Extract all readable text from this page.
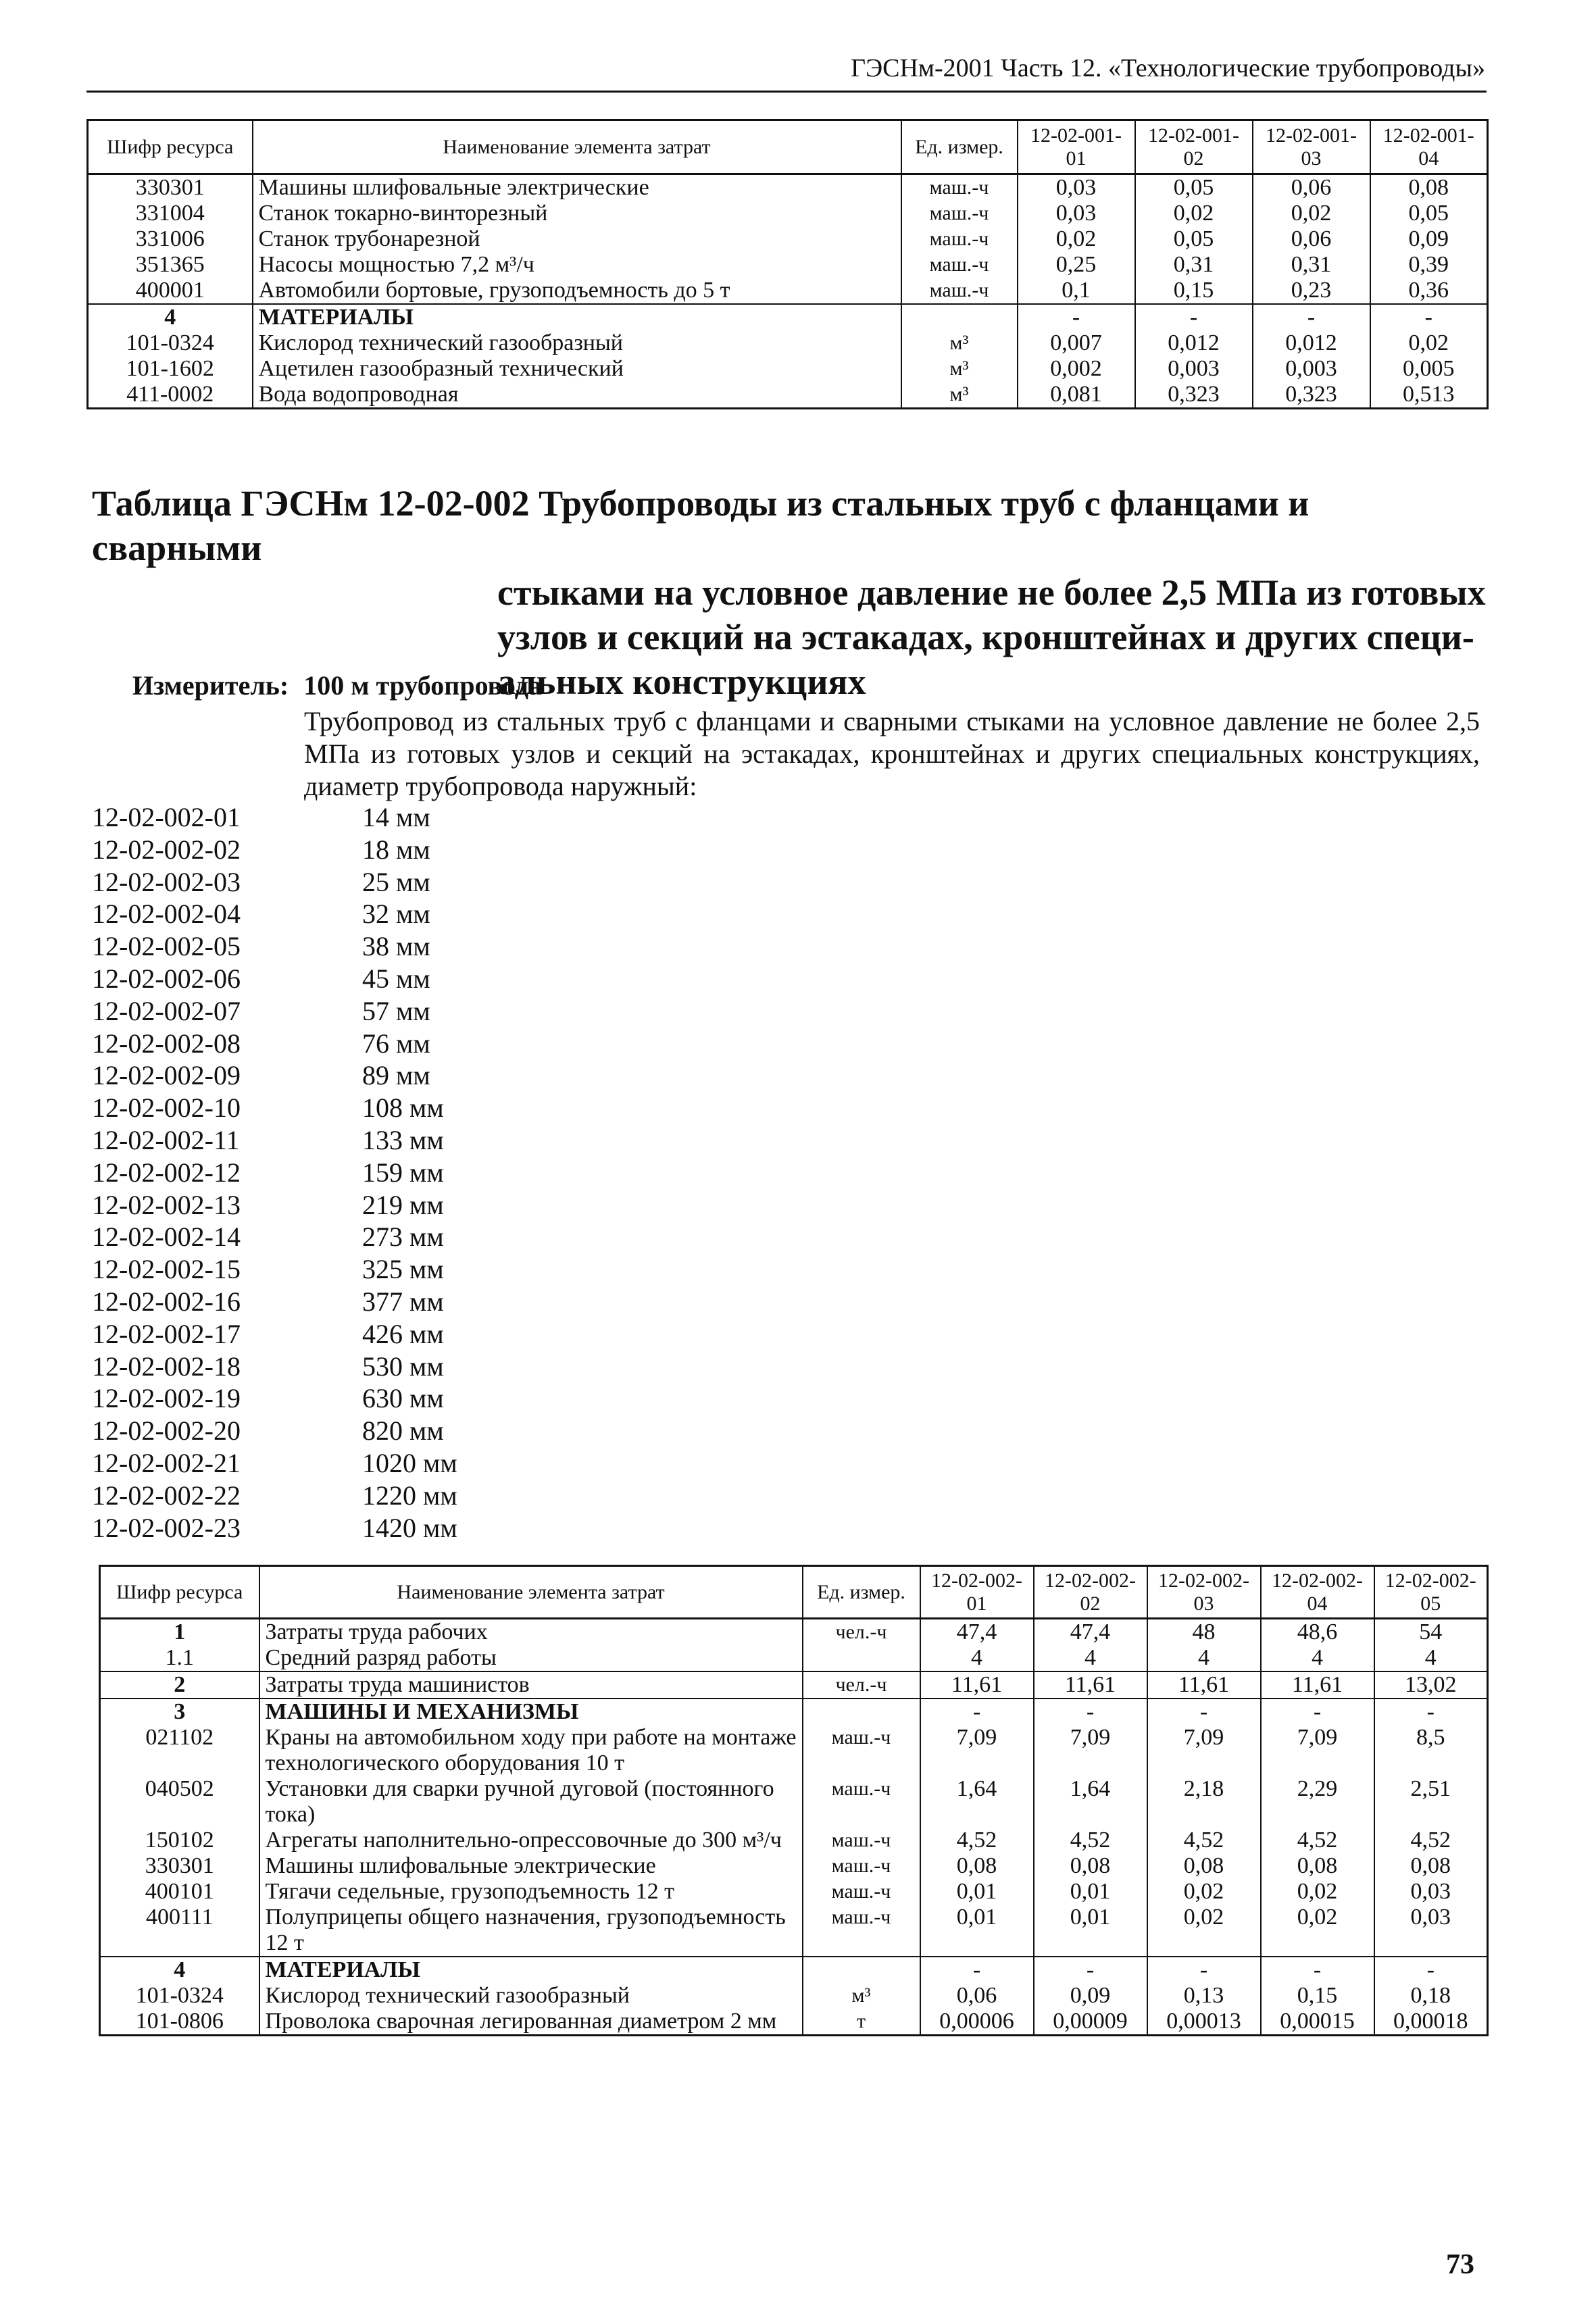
ГЭСНм-2001 Часть 12. «Технологические трубопроводы»
Шифр ресурса	Наименование элемента затрат	Ед. измер.	12-02-001-01	12-02-001-02	12-02-001-03	12-02-001-04
330301	Машины шлифовальные электрические	маш.-ч	0,03	0,05	0,06	0,08
331004	Станок токарно-винторезный	маш.-ч	0,03	0,02	0,02	0,05
331006	Станок трубонарезной	маш.-ч	0,02	0,05	0,06	0,09
351365	Насосы мощностью 7,2 м³/ч	маш.-ч	0,25	0,31	0,31	0,39
400001	Автомобили бортовые, грузоподъемность до 5 т	маш.-ч	0,1	0,15	0,23	0,36
4	МАТЕРИАЛЫ		-	-	-	-
101-0324	Кислород технический газообразный	м³	0,007	0,012	0,012	0,02
101-1602	Ацетилен газообразный технический	м³	0,002	0,003	0,003	0,005
411-0002	Вода водопроводная	м³	0,081	0,323	0,323	0,513
Таблица ГЭСНм 12-02-002 Трубопроводы из стальных труб с фланцами и сварными
стыками на условное давление не более 2,5 МПа из готовых
узлов и секций на эстакадах, кронштейнах и других специ-
альных конструкциях
Измеритель: 100 м трубопровода
Трубопровод из стальных труб с фланцами и сварными стыками на условное давление не более 2,5 МПа из готовых узлов и секций на эстакадах, кронштейнах и других специальных конструкциях, диаметр трубопровода наружный:
12-02-002-01	14 мм
12-02-002-02	18 мм
12-02-002-03	25 мм
12-02-002-04	32 мм
12-02-002-05	38 мм
12-02-002-06	45 мм
12-02-002-07	57 мм
12-02-002-08	76 мм
12-02-002-09	89 мм
12-02-002-10	108 мм
12-02-002-11	133 мм
12-02-002-12	159 мм
12-02-002-13	219 мм
12-02-002-14	273 мм
12-02-002-15	325 мм
12-02-002-16	377 мм
12-02-002-17	426 мм
12-02-002-18	530 мм
12-02-002-19	630 мм
12-02-002-20	820 мм
12-02-002-21	1020 мм
12-02-002-22	1220 мм
12-02-002-23	1420 мм
Шифр ресурса	Наименование элемента затрат	Ед. измер.	12-02-002-01	12-02-002-02	12-02-002-03	12-02-002-04	12-02-002-05
1	Затраты труда рабочих	чел.-ч	47,4	47,4	48	48,6	54
1.1	Средний разряд работы		4	4	4	4	4
2	Затраты труда машинистов	чел.-ч	11,61	11,61	11,61	11,61	13,02
3	МАШИНЫ И МЕХАНИЗМЫ		-	-	-	-	-
021102	Краны на автомобильном ходу при работе на монтаже технологического оборудования 10 т	маш.-ч	7,09	7,09	7,09	7,09	8,5
040502	Установки для сварки ручной дуговой (постоянного тока)	маш.-ч	1,64	1,64	2,18	2,29	2,51
150102	Агрегаты наполнительно-опрессовочные до 300 м³/ч	маш.-ч	4,52	4,52	4,52	4,52	4,52
330301	Машины шлифовальные электрические	маш.-ч	0,08	0,08	0,08	0,08	0,08
400101	Тягачи седельные, грузоподъемность 12 т	маш.-ч	0,01	0,01	0,02	0,02	0,03
400111	Полуприцепы общего назначения, грузоподъемность 12 т	маш.-ч	0,01	0,01	0,02	0,02	0,03
4	МАТЕРИАЛЫ		-	-	-	-	-
101-0324	Кислород технический газообразный	м³	0,06	0,09	0,13	0,15	0,18
101-0806	Проволока сварочная легированная диаметром 2 мм	т	0,00006	0,00009	0,00013	0,00015	0,00018
73
